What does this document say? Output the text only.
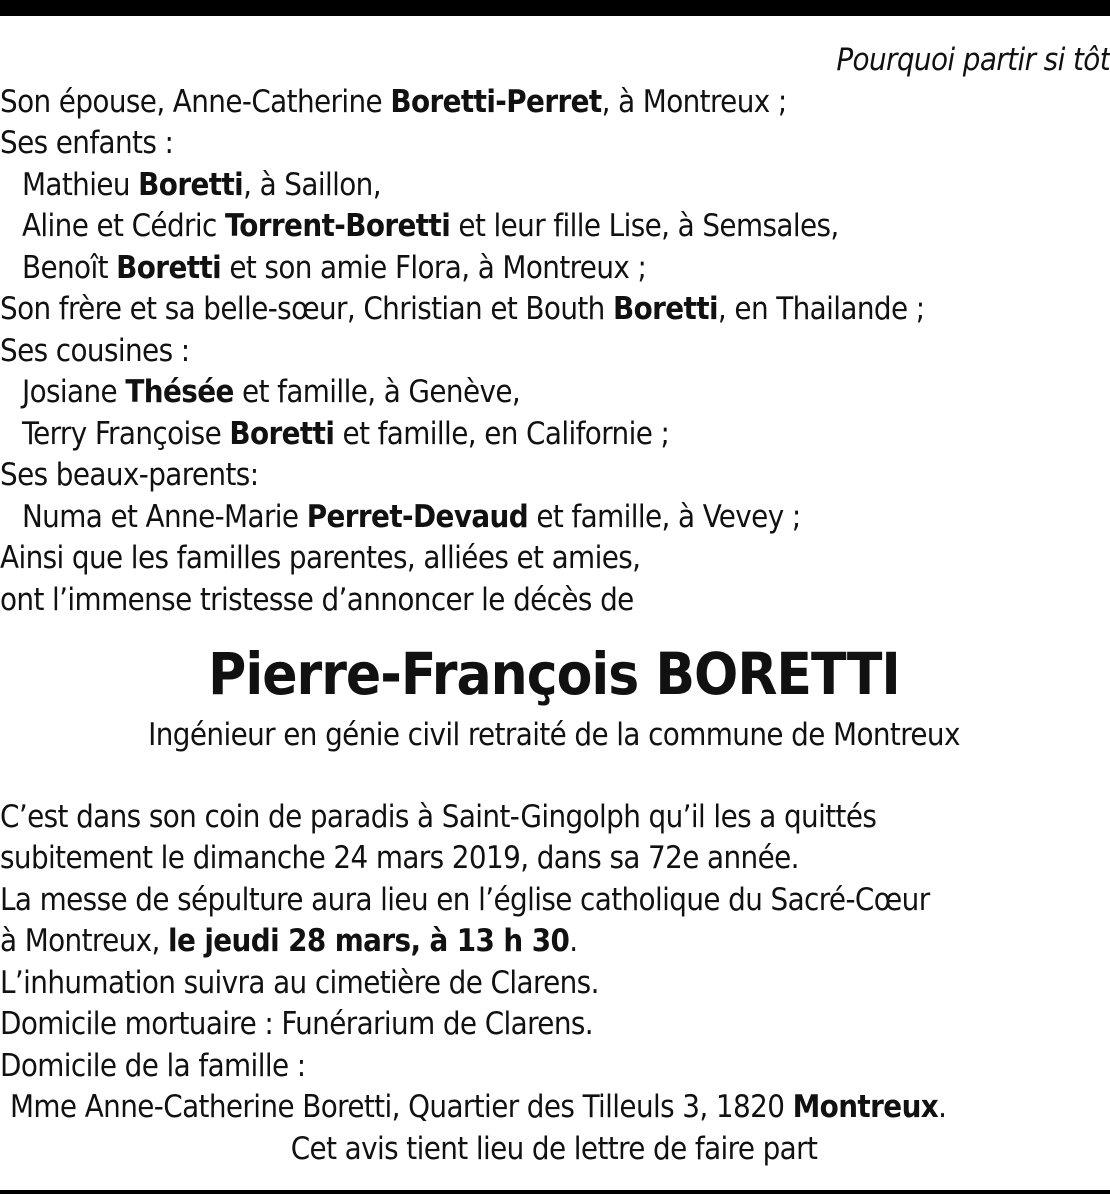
Pourquoi partir si tôt
Son épouse, Anne-Catherine Boretti-Perret, à Montreux ;
Ses enfants :
Mathieu Boretti, à Saillon,
Aline et Cédric Torrent-Boretti et leur fille Lise, à Semsales,
Benoît Boretti et son amie Flora, à Montreux ;
Son frère et sa belle-sœur, Christian et Bouth Boretti, en Thailande ;
Ses cousines :
Josiane Thésée et famille, à Genève,
Terry Françoise Boretti et famille, en Californie ;
Ses beaux-parents:
Numa et Anne-Marie Perret-Devaud et famille, à Vevey ;
Ainsi que les familles parentes, alliées et amies,
ont l’immense tristesse d’annoncer le décès de
Pierre-François BORETTI
Ingénieur en génie civil retraité de la commune de Montreux
C’est dans son coin de paradis à Saint-Gingolph qu’il les a quittés
subitement le dimanche 24 mars 2019, dans sa 72e année.
La messe de sépulture aura lieu en l’église catholique du Sacré-Cœur
à Montreux, le jeudi 28 mars, à 13 h 30.
L’inhumation suivra au cimetière de Clarens.
Domicile mortuaire : Funérarium de Clarens.
Domicile de la famille :
Mme Anne-Catherine Boretti, Quartier des Tilleuls 3, 1820 Montreux.
Cet avis tient lieu de lettre de faire part
